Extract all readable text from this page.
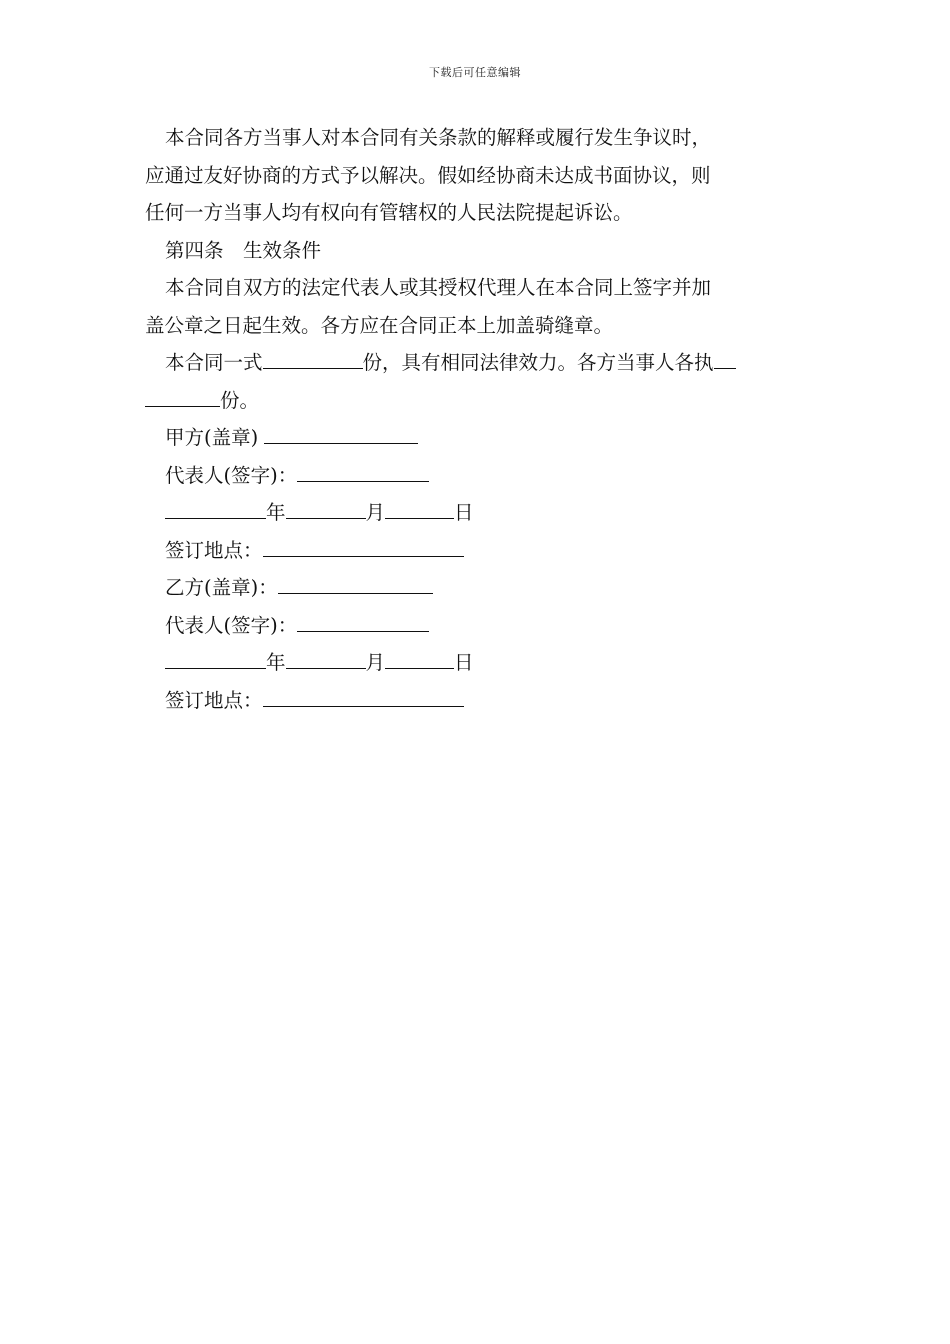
下载后可任意编辑

本合同各方当事人对本合同有关条款的解释或履行发生争议时，

应通过友好协商的方式予以解决。假如经协商未达成书面协议，则

任何一方当事人均有权向有管辖权的人民法院提起诉讼。

第四条　生效条件

本合同自双方的法定代表人或其授权代理人在本合同上签字并加

盖公章之日起生效。各方应在合同正本上加盖骑缝章。

本合同一式	份，具有相同法律效力。各方当事人各执

份。

甲方(盖章)

代表人(签字)：

年	月	日

签订地点：

乙方(盖章)：

代表人(签字)：

年	月	日

签订地点：
